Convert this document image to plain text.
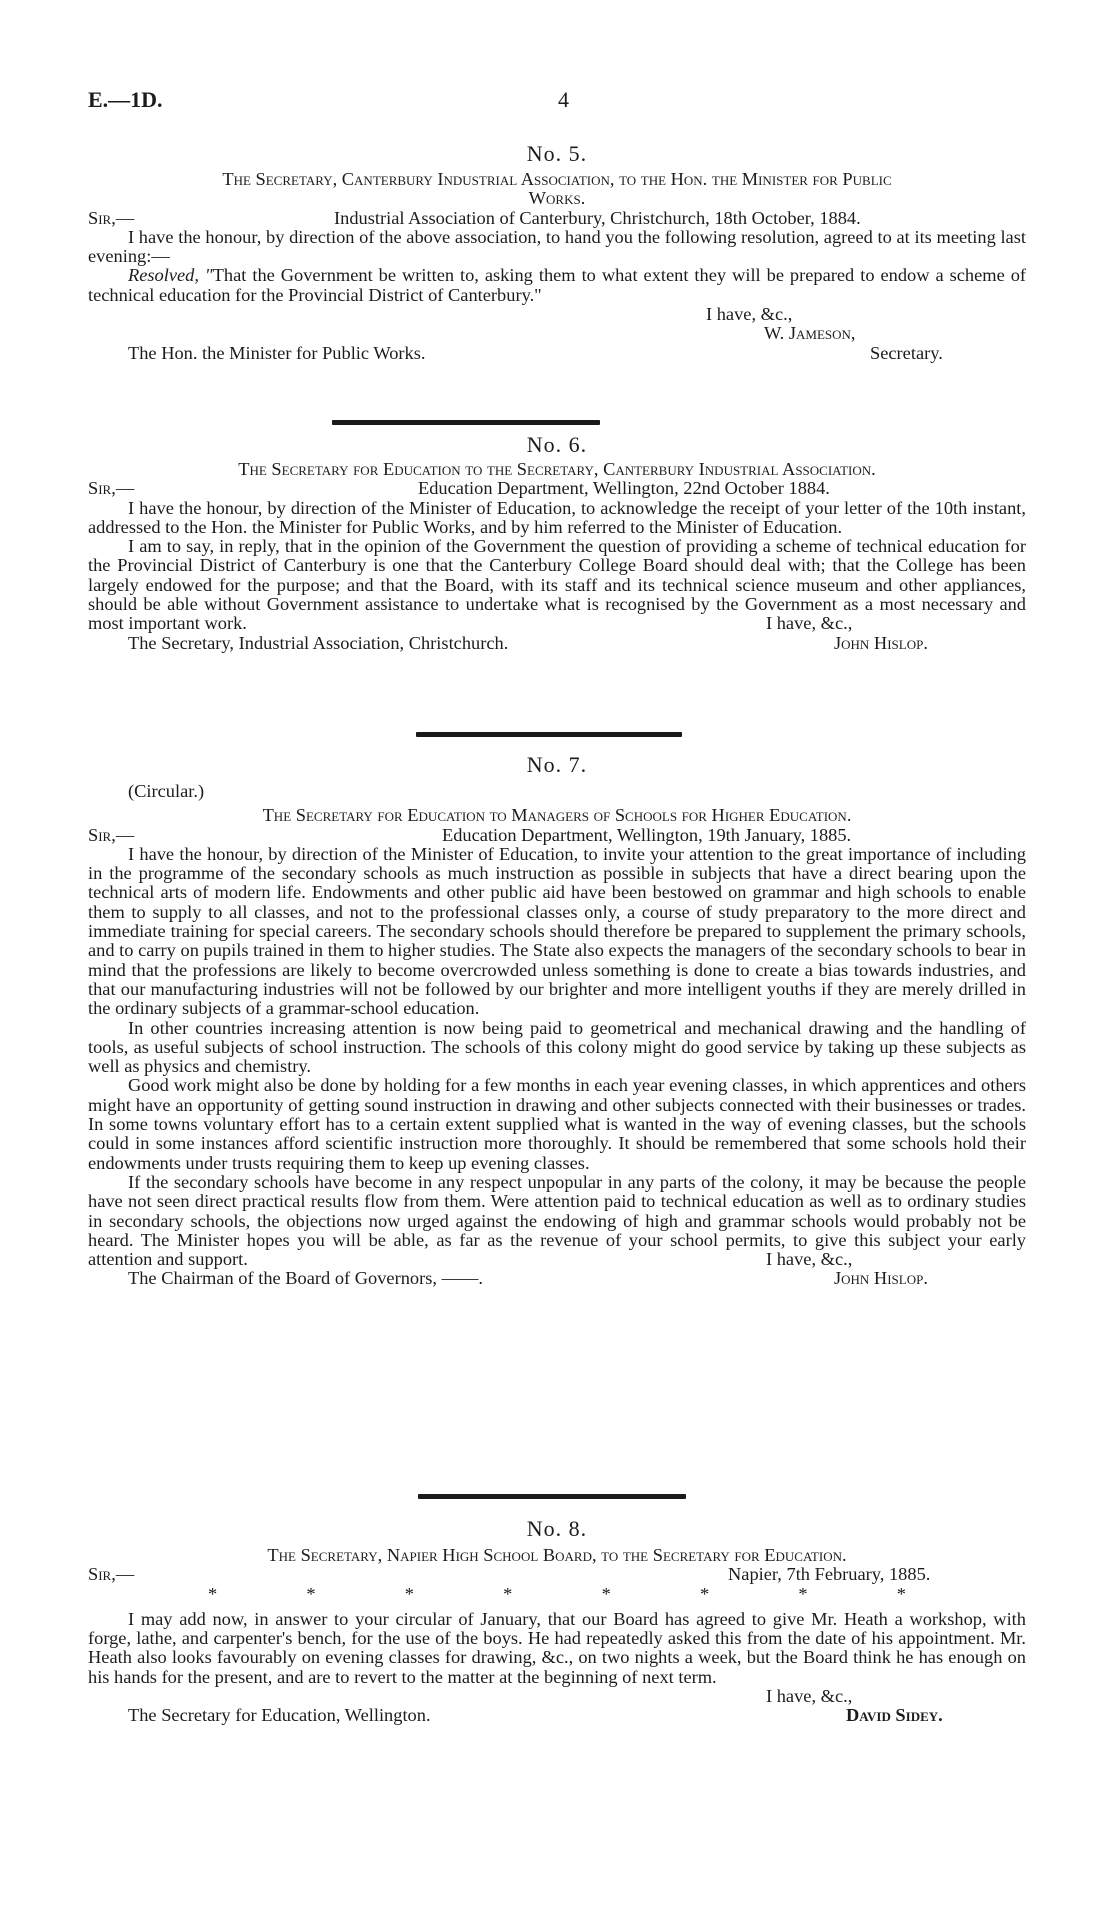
E.—1D.	4
No. 5.
The Secretary, Canterbury Industrial Association, to the Hon. the Minister for Public
Works.
Sir,—	Industrial Association of Canterbury, Christchurch, 18th October, 1884.

I have the honour, by direction of the above association, to hand you the following resolution, agreed to at its meeting last evening:—

Resolved, "That the Government be written to, asking them to what extent they will be prepared to endow a scheme of technical education for the Provincial District of Canterbury."

I have, &c.,
W. Jameson,
The Hon. the Minister for Public Works.	Secretary.
No. 6.
The Secretary for Education to the Secretary, Canterbury Industrial Association.
Sir,—	Education Department, Wellington, 22nd October 1884.

I have the honour, by direction of the Minister of Education, to acknowledge the receipt of your letter of the 10th instant, addressed to the Hon. the Minister for Public Works, and by him referred to the Minister of Education.

I am to say, in reply, that in the opinion of the Government the question of providing a scheme of technical education for the Provincial District of Canterbury is one that the Canterbury College Board should deal with; that the College has been largely endowed for the purpose; and that the Board, with its staff and its technical science museum and other appliances, should be able without Government assistance to undertake what is recognised by the Government as a most necessary and most important work.	I have, &c.,
The Secretary, Industrial Association, Christchurch.	John Hislop.
No. 7.
(Circular.)
The Secretary for Education to Managers of Schools for Higher Education.
Sir,—	Education Department, Wellington, 19th January, 1885.

I have the honour, by direction of the Minister of Education, to invite your attention to the great importance of including in the programme of the secondary schools as much instruction as possible in subjects that have a direct bearing upon the technical arts of modern life. Endowments and other public aid have been bestowed on grammar and high schools to enable them to supply to all classes, and not to the professional classes only, a course of study preparatory to the more direct and immediate training for special careers. The secondary schools should therefore be prepared to supplement the primary schools, and to carry on pupils trained in them to higher studies. The State also expects the managers of the secondary schools to bear in mind that the professions are likely to become overcrowded unless something is done to create a bias towards industries, and that our manufacturing industries will not be followed by our brighter and more intelligent youths if they are merely drilled in the ordinary subjects of a grammar-school education.

In other countries increasing attention is now being paid to geometrical and mechanical drawing and the handling of tools, as useful subjects of school instruction. The schools of this colony might do good service by taking up these subjects as well as physics and chemistry.

Good work might also be done by holding for a few months in each year evening classes, in which apprentices and others might have an opportunity of getting sound instruction in drawing and other subjects connected with their businesses or trades. In some towns voluntary effort has to a certain extent supplied what is wanted in the way of evening classes, but the schools could in some instances afford scientific instruction more thoroughly. It should be remembered that some schools hold their endowments under trusts requiring them to keep up evening classes.

If the secondary schools have become in any respect unpopular in any parts of the colony, it may be because the people have not seen direct practical results flow from them. Were attention paid to technical education as well as to ordinary studies in secondary schools, the objections now urged against the endowing of high and grammar schools would probably not be heard. The Minister hopes you will be able, as far as the revenue of your school permits, to give this subject your early attention and support.	I have, &c.,
The Chairman of the Board of Governors, ——.	John Hislop.
No. 8.
The Secretary, Napier High School Board, to the Secretary for Education.
Sir,—	Napier, 7th February, 1885.
*	*	*	*	*	*	*	*

I may add now, in answer to your circular of January, that our Board has agreed to give Mr. Heath a workshop, with forge, lathe, and carpenter's bench, for the use of the boys. He had repeatedly asked this from the date of his appointment. Mr. Heath also looks favourably on evening classes for drawing, &c., on two nights a week, but the Board think he has enough on his hands for the present, and are to revert to the matter at the beginning of next term.

I have, &c.,
The Secretary for Education, Wellington.	David Sidey.
